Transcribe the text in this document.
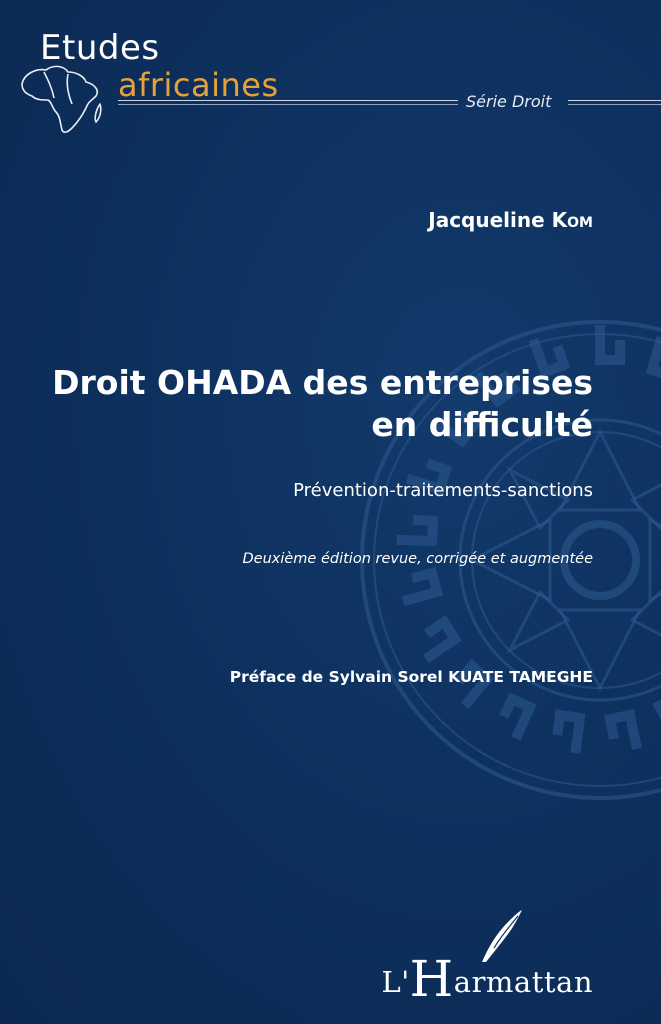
Etudes
africaines	Série Droit
Jacqueline Kom
Droit OHADA des entreprises
en difficulté
Prévention-traitements-sanctions
Deuxième édition revue, corrigée et augmentée
Préface de Sylvain Sorel KUATE TAMEGHE
L'Harmattan
